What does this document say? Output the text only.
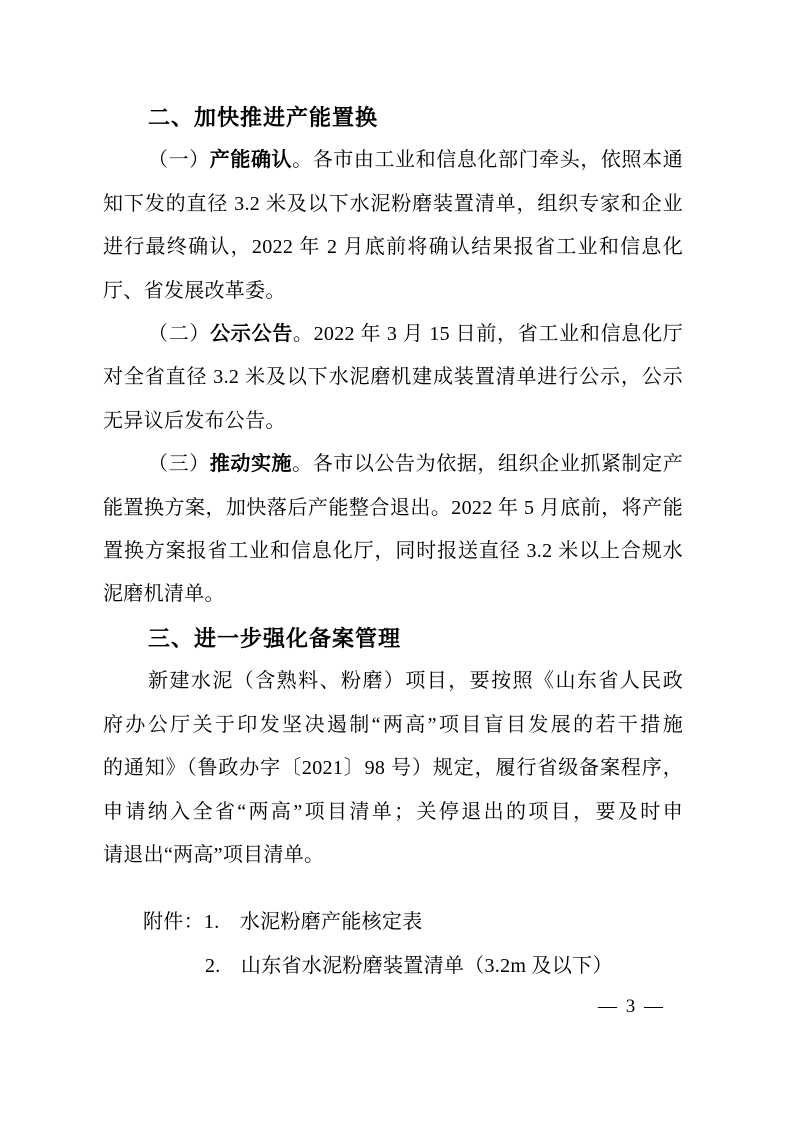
二、加快推进产能置换
（一）产能确认。各市由工业和信息化部门牵头，依照本通
知下发的直径 3.2 米及以下水泥粉磨装置清单，组织专家和企业
进行最终确认，2022 年 2 月底前将确认结果报省工业和信息化
厅、省发展改革委。
（二）公示公告。2022 年 3 月 15 日前，省工业和信息化厅
对全省直径 3.2 米及以下水泥磨机建成装置清单进行公示，公示
无异议后发布公告。
（三）推动实施。各市以公告为依据，组织企业抓紧制定产
能置换方案，加快落后产能整合退出。2022 年 5 月底前，将产能
置换方案报省工业和信息化厅，同时报送直径 3.2 米以上合规水
泥磨机清单。
三、进一步强化备案管理
新建水泥（含熟料、粉磨）项目，要按照《山东省人民政
府办公厅关于印发坚决遏制“两高”项目盲目发展的若干措施
的通知》（鲁政办字〔2021〕98 号）规定，履行省级备案程序，
申请纳入全省“两高”项目清单；关停退出的项目，要及时申
请退出“两高”项目清单。
附件：1.　水泥粉磨产能核定表
2.　山东省水泥粉磨装置清单（3.2m 及以下）
— 3 —
